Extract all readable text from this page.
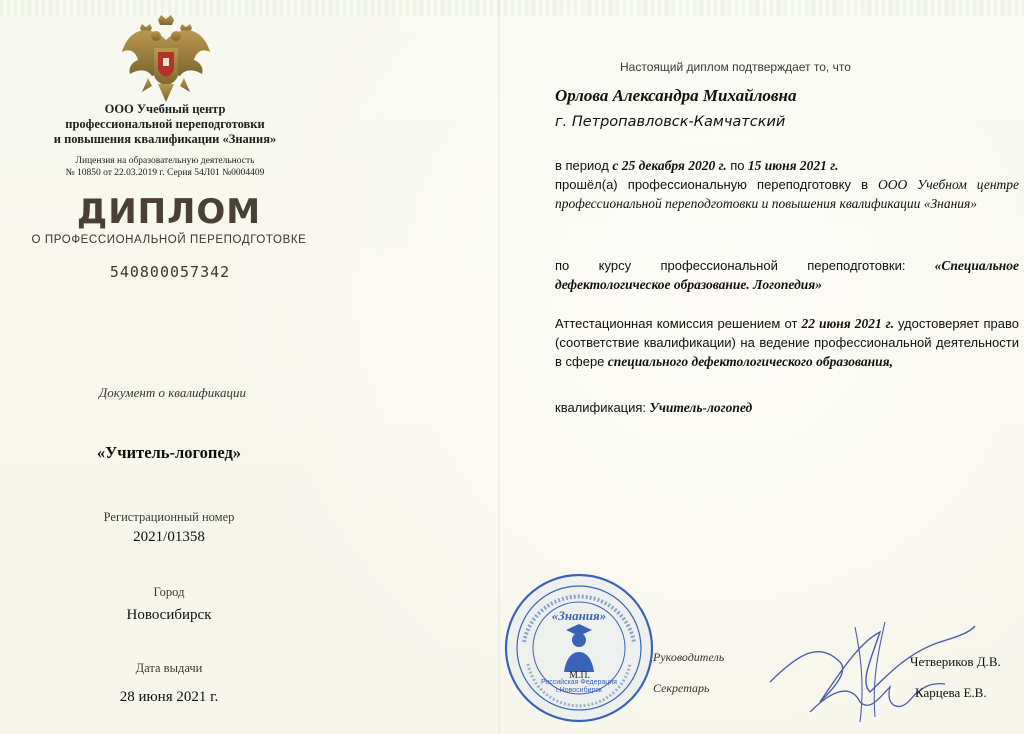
ООО Учебный центр
профессиональной переподготовки
и повышения квалификации «Знания»
Лицензия на образовательную деятельность
№ 10850 от 22.03.2019 г. Серия 54Л01 №0004409
ДИПЛОМ
О ПРОФЕССИОНАЛЬНОЙ ПЕРЕПОДГОТОВКЕ
540800057342
Документ о квалификации
«Учитель-логопед»
Регистрационный номер
2021/01358
Город
Новосибирск
Дата выдачи
28 июня 2021 г.
Настоящий диплом подтверждает то, что
Орлова Александра Михайловна
г. Петропавловск-Камчатский
в период с 25 декабря 2020 г. по 15 июня 2021 г.
прошёл(а) профессиональную переподготовку в ООО Учебном центре профессиональной переподготовки и повышения квалификации «Знания»
по курсу профессиональной переподготовки: «Специальное дефектологическое образование. Логопедия»
Аттестационная комиссия решением от 22 июня 2021 г. удостоверяет право (соответствие квалификации) на ведение профессиональной деятельности в сфере специального дефектологического образования,
квалификация: Учитель-логопед
«Знания»
Российская Федерация
г.Новосибирск
М.П.
Руководитель
Секретарь
Четвериков Д.В.
Карцева Е.В.
